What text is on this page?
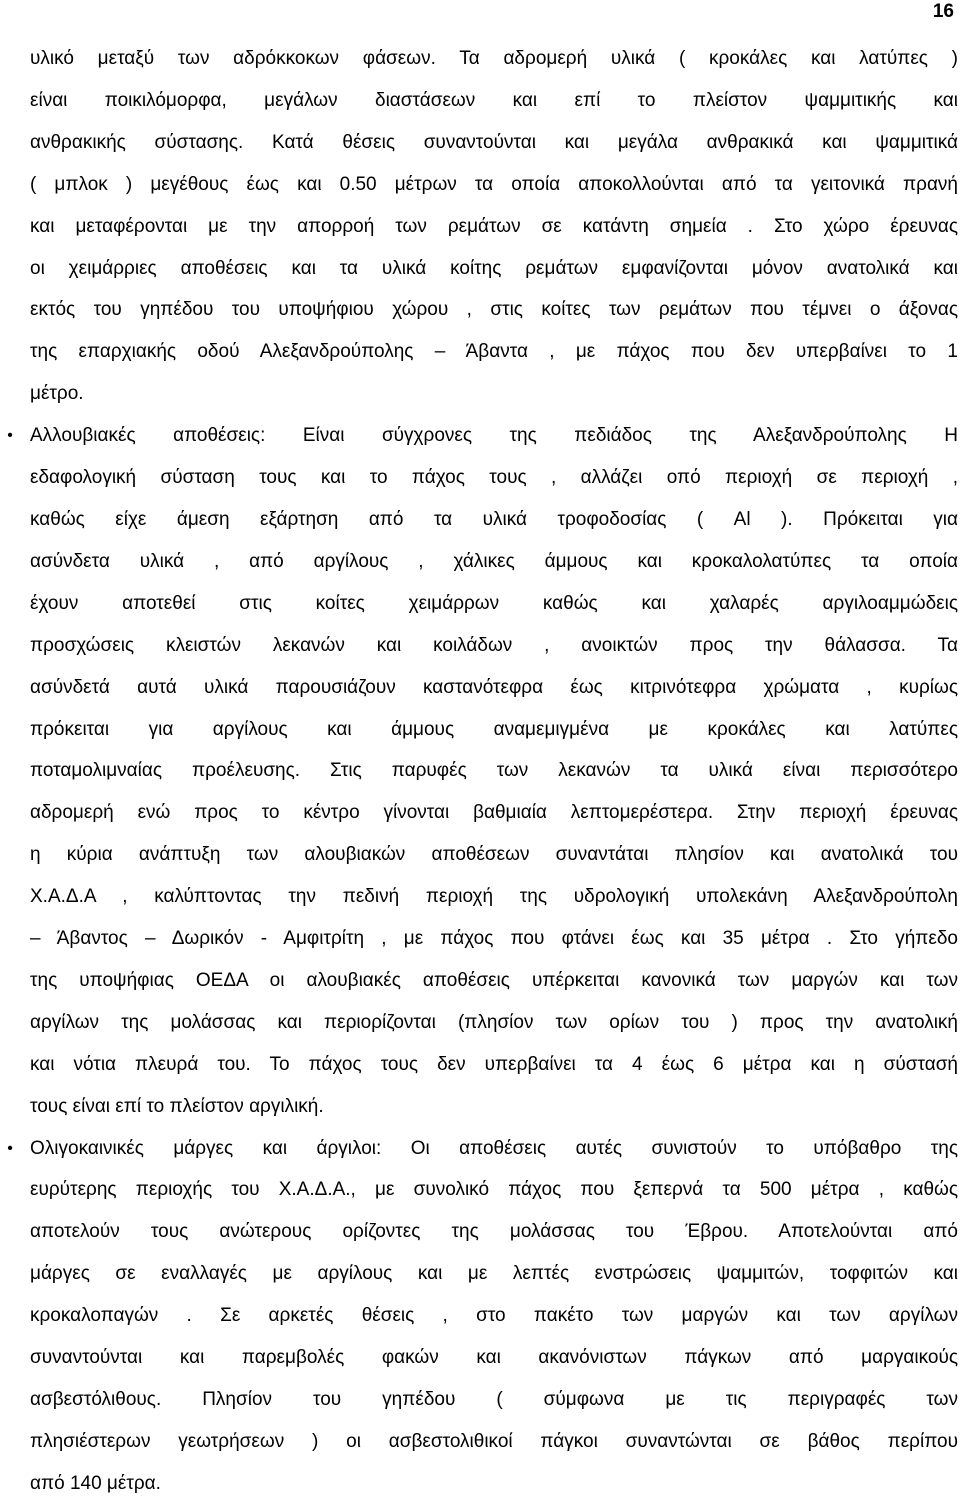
16
υλικό μεταξύ των αδρόκκοκων φάσεων. Τα αδρομερή υλικά ( κροκάλες και λατύπες )
είναι ποικιλόμορφα, μεγάλων διαστάσεων και επί το πλείστον ψαμμιτικής και
ανθρακικής σύστασης. Κατά θέσεις συναντούνται και μεγάλα ανθρακικά και ψαμμιτικά
( μπλοκ ) μεγέθους έως και 0.50 μέτρων τα οποία αποκολλούνται από τα γειτονικά πρανή
και μεταφέρονται με την απορροή των ρεμάτων σε κατάντη σημεία . Στο χώρο έρευνας
οι χειμάρριες αποθέσεις και τα υλικά κοίτης ρεμάτων εμφανίζονται μόνον ανατολικά και
εκτός του γηπέδου του υποψήφιου χώρου , στις κοίτες των ρεμάτων που τέμνει ο άξονας
της επαρχιακής οδού Αλεξανδρούπολης – Άβαντα , με πάχος που δεν υπερβαίνει το 1
μέτρο.
• Αλλουβιακές αποθέσεις: Είναι σύγχρονες της πεδιάδος της Αλεξανδρούπολης Η
εδαφολογική σύσταση τους και το πάχος τους , αλλάζει οπό περιοχή σε περιοχή ,
καθώς είχε άμεση εξάρτηση από τα υλικά τροφοδοσίας ( Al ). Πρόκειται για
ασύνδετα υλικά , από αργίλους , χάλικες άμμους και κροκαλολατύπες τα οποία
έχουν αποτεθεί στις κοίτες χειμάρρων καθώς και χαλαρές αργιλοαμμώδεις
προσχώσεις κλειστών λεκανών και κοιλάδων , ανοικτών προς την θάλασσα. Τα
ασύνδετά αυτά υλικά παρουσιάζουν καστανότεφρα έως κιτρινότεφρα χρώματα , κυρίως
πρόκειται για αργίλους και άμμους αναμεμιγμένα με κροκάλες και λατύπες
ποταμολιμναίας προέλευσης. Στις παρυφές των λεκανών τα υλικά είναι περισσότερο
αδρομερή ενώ προς το κέντρο γίνονται βαθμιαία λεπτομερέστερα. Στην περιοχή έρευνας
η κύρια ανάπτυξη των αλουβιακών αποθέσεων συναντάται πλησίον και ανατολικά του
Χ.Α.Δ.Α , καλύπτοντας την πεδινή περιοχή της υδρολογική υπολεκάνη Αλεξανδρούπολη
– Άβαντος – Δωρικόν - Αμφιτρίτη , με πάχος που φτάνει έως και 35 μέτρα . Στο γήπεδο
της υποψήφιας ΟΕΔΑ οι αλουβιακές αποθέσεις υπέρκειται κανονικά των μαργών και των
αργίλων της μολάσσας και περιορίζονται (πλησίον των ορίων του ) προς την ανατολική
και νότια πλευρά του. Το πάχος τους δεν υπερβαίνει τα 4 έως 6 μέτρα και η σύστασή
τους είναι επί το πλείστον αργιλική.
• Ολιγοκαινικές μάργες και άργιλοι: Οι αποθέσεις αυτές συνιστούν το υπόβαθρο της
ευρύτερης περιοχής του Χ.Α.Δ.Α., με συνολικό πάχος που ξεπερνά τα 500 μέτρα , καθώς
αποτελούν τους ανώτερους ορίζοντες της μολάσσας του Έβρου. Αποτελούνται από
μάργες σε εναλλαγές με αργίλους και με λεπτές ενστρώσεις ψαμμιτών, τοφφιτών και
κροκαλοπαγών . Σε αρκετές θέσεις , στο πακέτο των μαργών και των αργίλων
συναντούνται και παρεμβολές φακών και ακανόνιστων πάγκων από μαργαικούς
ασβεστόλιθους. Πλησίον του γηπέδου ( σύμφωνα με τις περιγραφές των
πλησιέστερων γεωτρήσεων ) οι ασβεστολιθικοί πάγκοι συναντώνται σε βάθος περίπου
από 140 μέτρα.
